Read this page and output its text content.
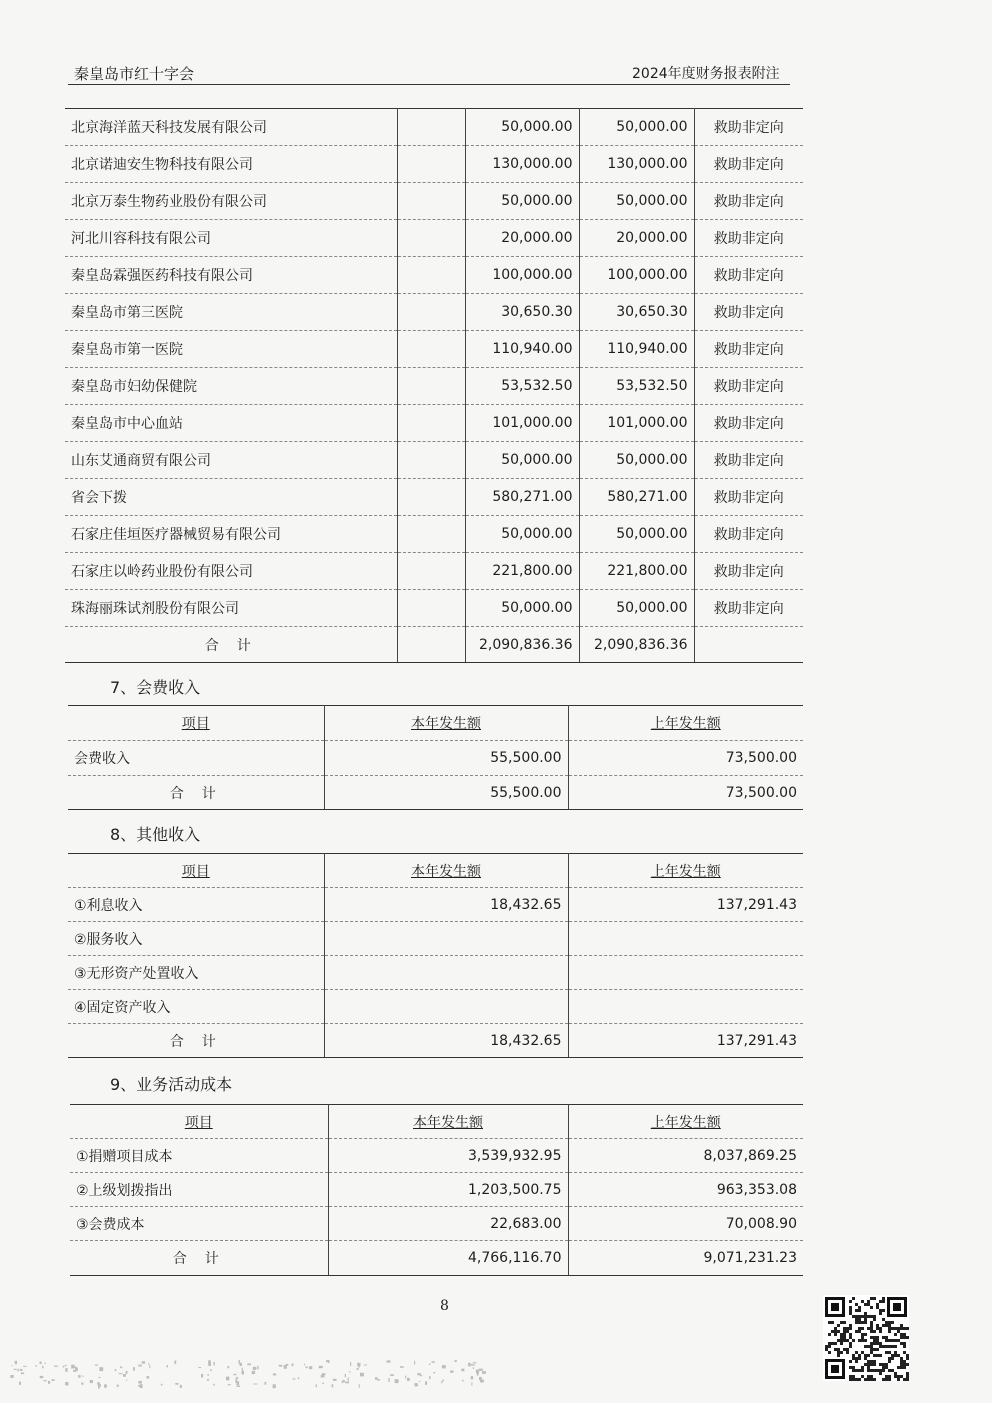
秦皇岛市红十字会	2024年度财务报表附注
北京海洋蓝天科技发展有限公司		50,000.00	50,000.00	救助非定向
北京诺迪安生物科技有限公司		130,000.00	130,000.00	救助非定向
北京万泰生物药业股份有限公司		50,000.00	50,000.00	救助非定向
河北川容科技有限公司		20,000.00	20,000.00	救助非定向
秦皇岛霖强医药科技有限公司		100,000.00	100,000.00	救助非定向
秦皇岛市第三医院		30,650.30	30,650.30	救助非定向
秦皇岛市第一医院		110,940.00	110,940.00	救助非定向
秦皇岛市妇幼保健院		53,532.50	53,532.50	救助非定向
秦皇岛市中心血站		101,000.00	101,000.00	救助非定向
山东艾通商贸有限公司		50,000.00	50,000.00	救助非定向
省会下拨		580,271.00	580,271.00	救助非定向
石家庄佳垣医疗器械贸易有限公司		50,000.00	50,000.00	救助非定向
石家庄以岭药业股份有限公司		221,800.00	221,800.00	救助非定向
珠海丽珠试剂股份有限公司		50,000.00	50,000.00	救助非定向
合计		2,090,836.36	2,090,836.36	
7、会费收入
项目	本年发生额	上年发生额
会费收入	55,500.00	73,500.00
合计	55,500.00	73,500.00
8、其他收入
项目	本年发生额	上年发生额
①利息收入	18,432.65	137,291.43
②服务收入		
③无形资产处置收入		
④固定资产收入		
合计	18,432.65	137,291.43
9、业务活动成本
项目	本年发生额	上年发生额
①捐赠项目成本	3,539,932.95	8,037,869.25
②上级划拨指出	1,203,500.75	963,353.08
③会费成本	22,683.00	70,008.90
合计	4,766,116.70	9,071,231.23
8
